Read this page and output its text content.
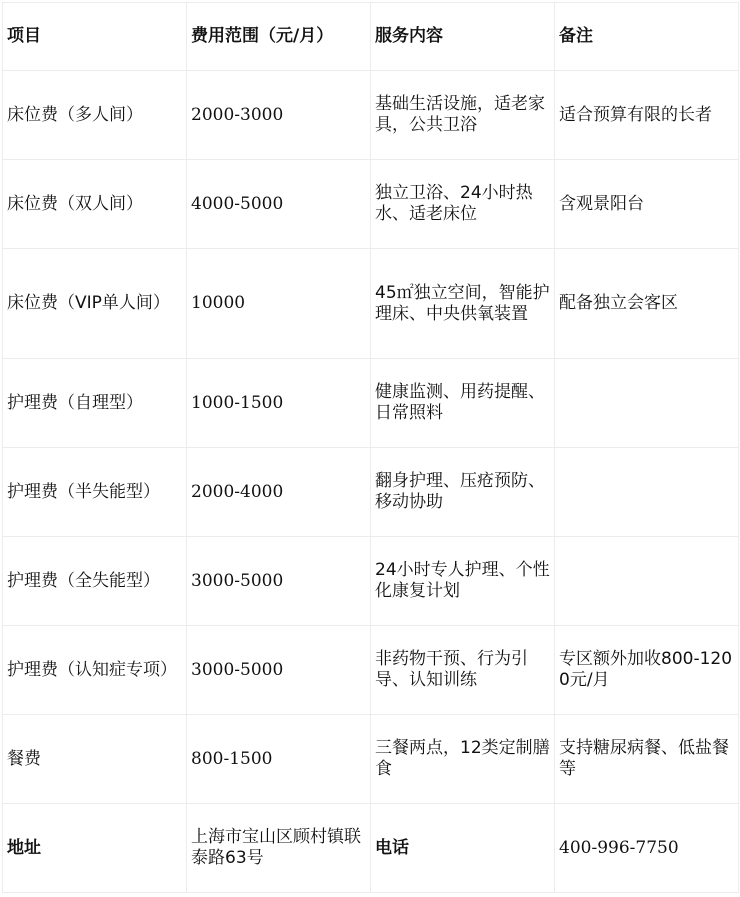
项目	费用范围（元/月）	服务内容	备注
床位费（多人间）	2000-3000	基础生活设施，适老家具，公共卫浴	适合预算有限的长者
床位费（双人间）	4000-5000	独立卫浴、24小时热水、适老床位	含观景阳台
床位费（VIP单人间）	10000	45㎡独立空间，智能护理床、中央供氧装置	配备独立会客区
护理费（自理型）	1000-1500	健康监测、用药提醒、日常照料	
护理费（半失能型）	2000-4000	翻身护理、压疮预防、移动协助	
护理费（全失能型）	3000-5000	24小时专人护理、个性化康复计划	
护理费（认知症专项）	3000-5000	非药物干预、行为引导、认知训练	专区额外加收800-1200元/月
餐费	800-1500	三餐两点，12类定制膳食	支持糖尿病餐、低盐餐等
地址	上海市宝山区顾村镇联泰路63号	电话	400-996-7750
